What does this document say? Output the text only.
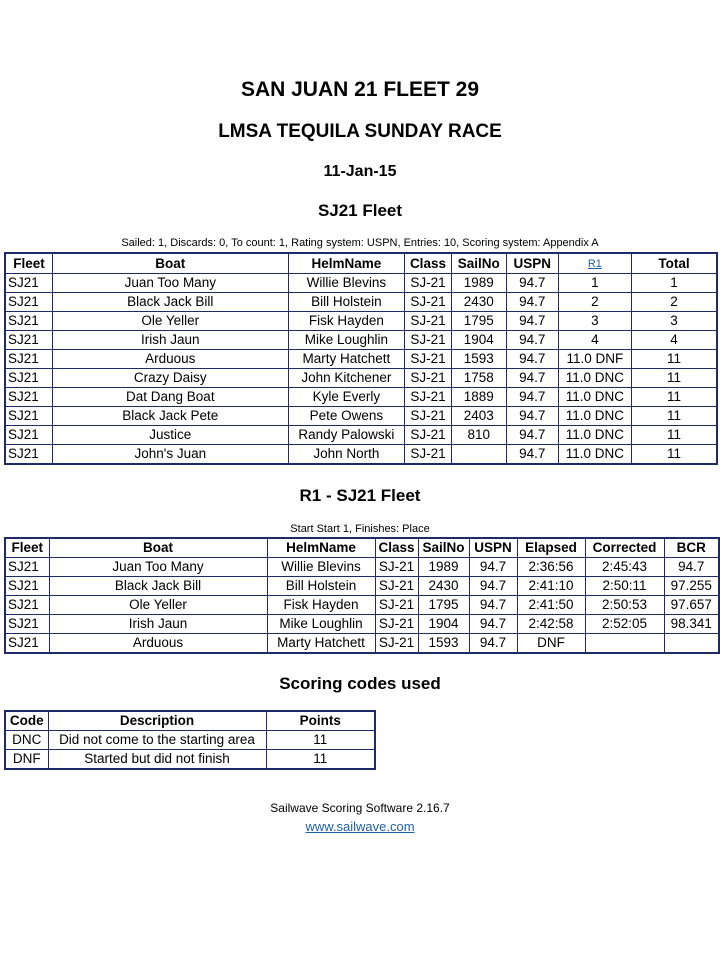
SAN JUAN 21 FLEET 29
LMSA TEQUILA SUNDAY RACE
11-Jan-15
SJ21 Fleet
Sailed: 1, Discards: 0, To count: 1, Rating system: USPN, Entries: 10, Scoring system: Appendix A
Fleet	Boat	HelmName	Class	SailNo	USPN	R1	Total
SJ21	Juan Too Many	Willie Blevins	SJ-21	1989	94.7	1	1
SJ21	Black Jack Bill	Bill Holstein	SJ-21	2430	94.7	2	2
SJ21	Ole Yeller	Fisk Hayden	SJ-21	1795	94.7	3	3
SJ21	Irish Jaun	Mike Loughlin	SJ-21	1904	94.7	4	4
SJ21	Arduous	Marty Hatchett	SJ-21	1593	94.7	11.0 DNF	11
SJ21	Crazy Daisy	John Kitchener	SJ-21	1758	94.7	11.0 DNC	11
SJ21	Dat Dang Boat	Kyle Everly	SJ-21	1889	94.7	11.0 DNC	11
SJ21	Black Jack Pete	Pete Owens	SJ-21	2403	94.7	11.0 DNC	11
SJ21	Justice	Randy Palowski	SJ-21	810	94.7	11.0 DNC	11
SJ21	John's Juan	John North	SJ-21		94.7	11.0 DNC	11
R1 - SJ21 Fleet
Start Start 1, Finishes: Place
Fleet	Boat	HelmName	Class	SailNo	USPN	Elapsed	Corrected	BCR
SJ21	Juan Too Many	Willie Blevins	SJ-21	1989	94.7	2:36:56	2:45:43	94.7
SJ21	Black Jack Bill	Bill Holstein	SJ-21	2430	94.7	2:41:10	2:50:11	97.255
SJ21	Ole Yeller	Fisk Hayden	SJ-21	1795	94.7	2:41:50	2:50:53	97.657
SJ21	Irish Jaun	Mike Loughlin	SJ-21	1904	94.7	2:42:58	2:52:05	98.341
SJ21	Arduous	Marty Hatchett	SJ-21	1593	94.7	DNF		
Scoring codes used
Code	Description	Points
DNC	Did not come to the starting area	11
DNF	Started but did not finish	11
Sailwave Scoring Software 2.16.7
www.sailwave.com
